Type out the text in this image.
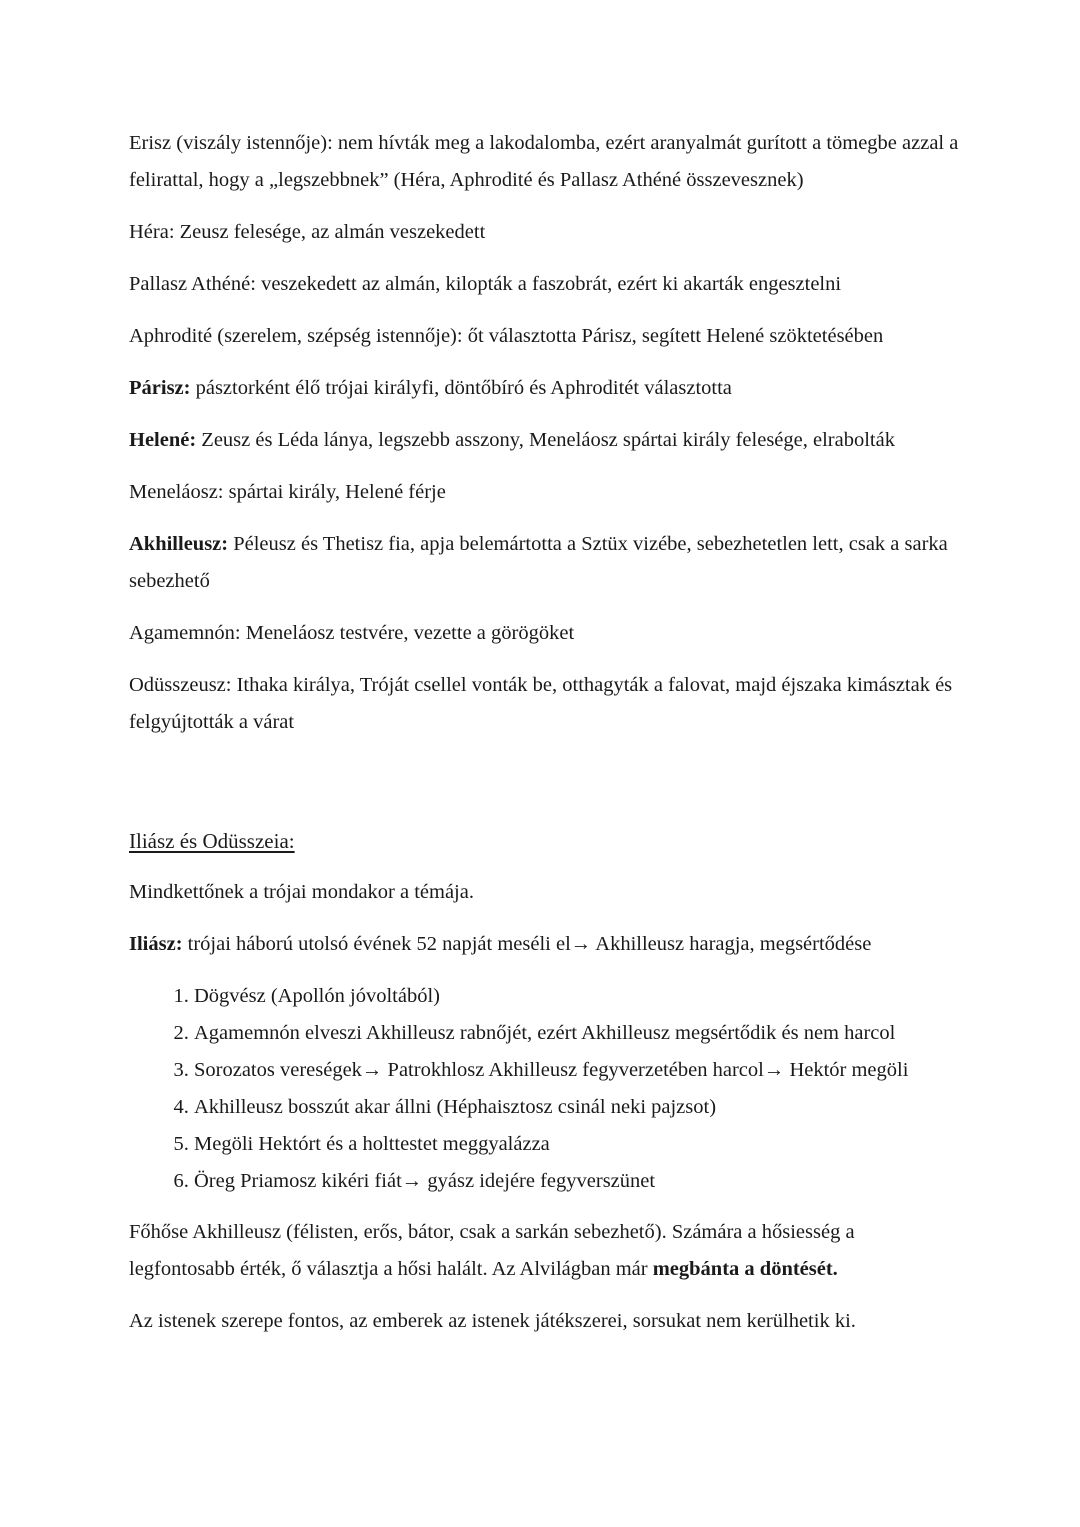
Erisz (viszály istennője): nem hívták meg a lakodalomba, ezért aranyalmát gurított a tömegbe azzal a felirattal, hogy a „legszebbnek” (Héra, Aphrodité és Pallasz Athéné összevesznek)

Héra: Zeusz felesége, az almán veszekedett

Pallasz Athéné: veszekedett az almán, kilopták a faszobrát, ezért ki akarták engesztelni

Aphrodité (szerelem, szépség istennője): őt választotta Párisz, segített Helené szöktetésében

Párisz: pásztorként élő trójai királyfi, döntőbíró és Aphroditét választotta

Helené: Zeusz és Léda lánya, legszebb asszony, Meneláosz spártai király felesége, elrabolták

Meneláosz: spártai király, Helené férje

Akhilleusz: Péleusz és Thetisz fia, apja belemártotta a Sztüx vizébe, sebezhetetlen lett, csak a sarka sebezhető

Agamemnón: Meneláosz testvére, vezette a görögöket

Odüsszeusz: Ithaka királya, Tróját csellel vonták be, otthagyták a falovat, majd éjszaka kimásztak és felgyújtották a várat

Iliász és Odüsszeia:

Mindkettőnek a trójai mondakor a témája.

Iliász: trójai háború utolsó évének 52 napját meséli el→ Akhilleusz haragja, megsértődése

1. Dögvész (Apollón jóvoltából)
2. Agamemnón elveszi Akhilleusz rabnőjét, ezért Akhilleusz megsértődik és nem harcol
3. Sorozatos vereségek→ Patrokhlosz Akhilleusz fegyverzetében harcol→ Hektór megöli
4. Akhilleusz bosszút akar állni (Héphaisztosz csinál neki pajzsot)
5. Megöli Hektórt és a holttestet meggyalázza
6. Öreg Priamosz kikéri fiát→ gyász idejére fegyverszünet

Főhőse Akhilleusz (félisten, erős, bátor, csak a sarkán sebezhető). Számára a hősiesség a legfontosabb érték, ő választja a hősi halált. Az Alvilágban már megbánta a döntését.

Az istenek szerepe fontos, az emberek az istenek játékszerei, sorsukat nem kerülhetik ki.
